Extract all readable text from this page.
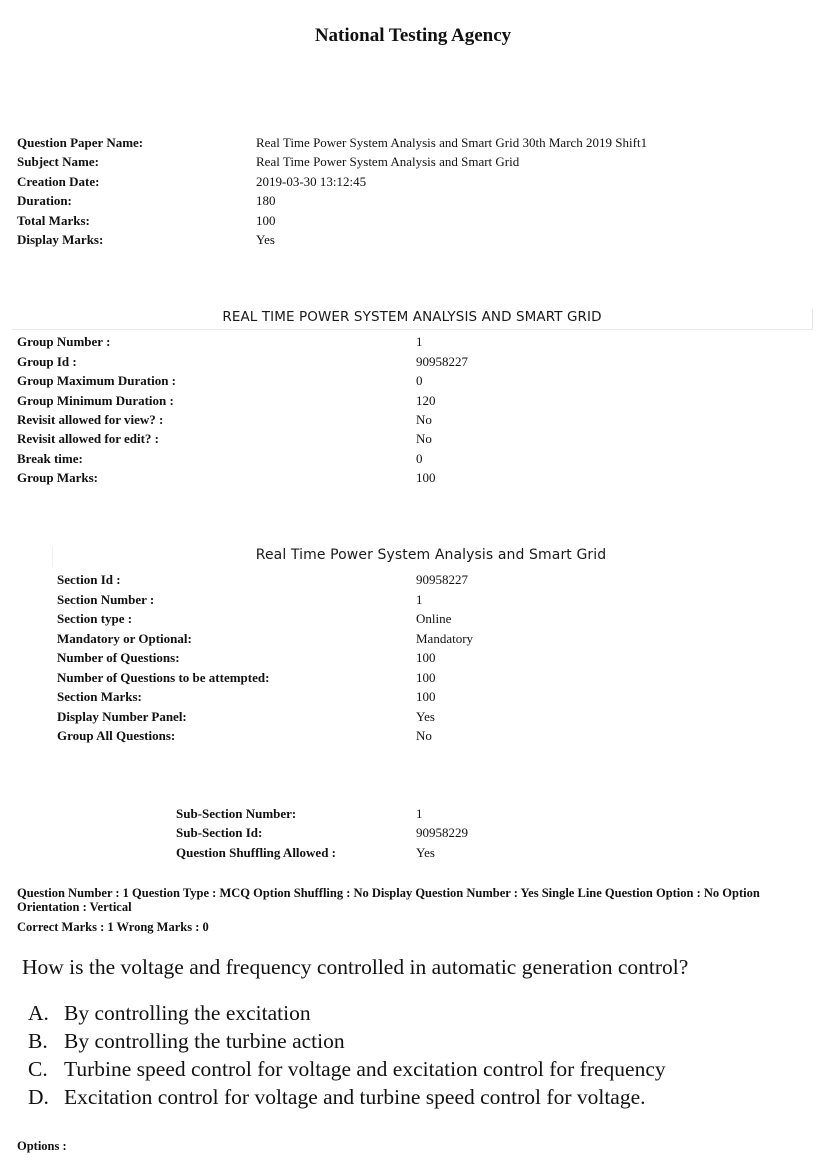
National Testing Agency
Question Paper Name:	Real Time Power System Analysis and Smart Grid 30th March 2019 Shift1
Subject Name:	Real Time Power System Analysis and Smart Grid
Creation Date:	2019-03-30 13:12:45
Duration:	180
Total Marks:	100
Display Marks:	Yes
REAL TIME POWER SYSTEM ANALYSIS AND SMART GRID
Group Number :	1
Group Id :	90958227
Group Maximum Duration :	0
Group Minimum Duration :	120
Revisit allowed for view? :	No
Revisit allowed for edit? :	No
Break time:	0
Group Marks:	100
Real Time Power System Analysis and Smart Grid
Section Id :	90958227
Section Number :	1
Section type :	Online
Mandatory or Optional:	Mandatory
Number of Questions:	100
Number of Questions to be attempted:	100
Section Marks:	100
Display Number Panel:	Yes
Group All Questions:	No
Sub-Section Number:	1
Sub-Section Id:	90958229
Question Shuffling Allowed :	Yes
Question Number : 1 Question Type : MCQ Option Shuffling : No Display Question Number : Yes Single Line Question Option : No Option Orientation : Vertical
Correct Marks : 1 Wrong Marks : 0
How is the voltage and frequency controlled in automatic generation control?
A. By controlling the excitation
B. By controlling the turbine action
C. Turbine speed control for voltage and excitation control for frequency
D. Excitation control for voltage and turbine speed control for voltage.
Options :
